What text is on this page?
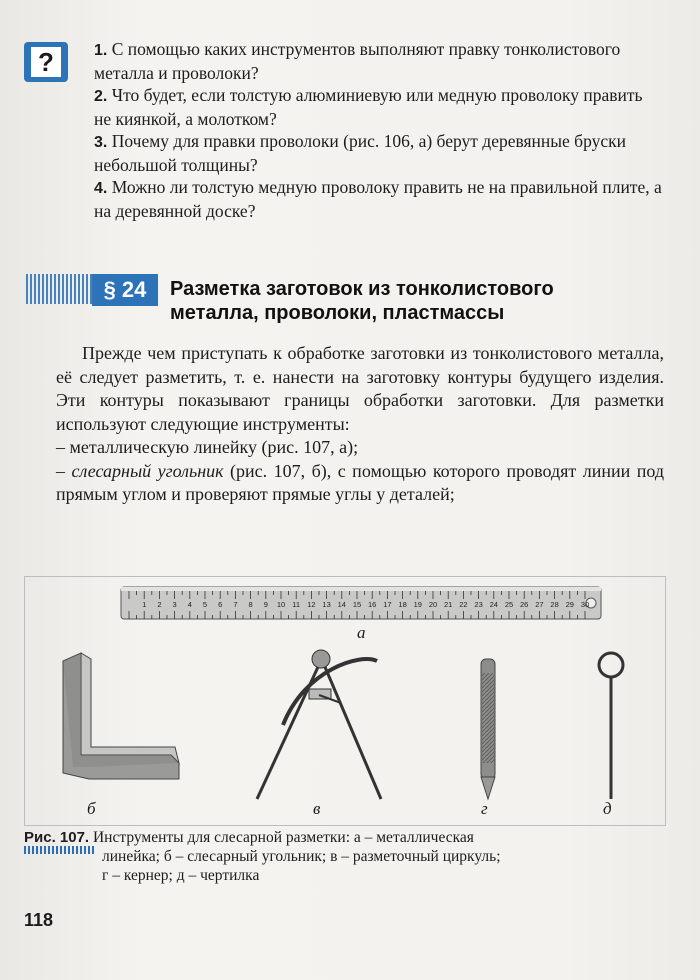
?	1. С помощью каких инструментов выполняют правку тонколистового металла и проволоки?

2. Что будет, если толстую алюминиевую или медную проволоку править не киянкой, а молотком?

3. Почему для правки проволоки (рис. 106, а) берут деревянные бруски небольшой толщины?

4. Можно ли толстую медную проволоку править не на правильной плите, а на деревянной доске?

§ 24	Разметка заготовок из тонколистового
металла, проволоки, пластмассы

Прежде чем приступать к обработке заготовки из тонколистового металла, её следует разметить, т. е. нанести на заготовку контуры будущего изделия. Эти контуры показывают границы обработки заготовки. Для разметки используют следующие инструменты:

– металлическую линейку (рис. 107, а);

– слесарный угольник (рис. 107, б), с помощью которого проводят линии под прямым углом и проверяют прямые углы у деталей;

1 2 3 4 5 6 7 8 9 10 11 12 13 14 15 16 17 18 19 20 21 22 23 24 25 26 27 28 29 30
а
б	в	г	д
Рис. 107. Инструменты для слесарной разметки: а – металлическая
линейка; б – слесарный угольник; в – разметочный циркуль;
г – кернер; д – чертилка
118
